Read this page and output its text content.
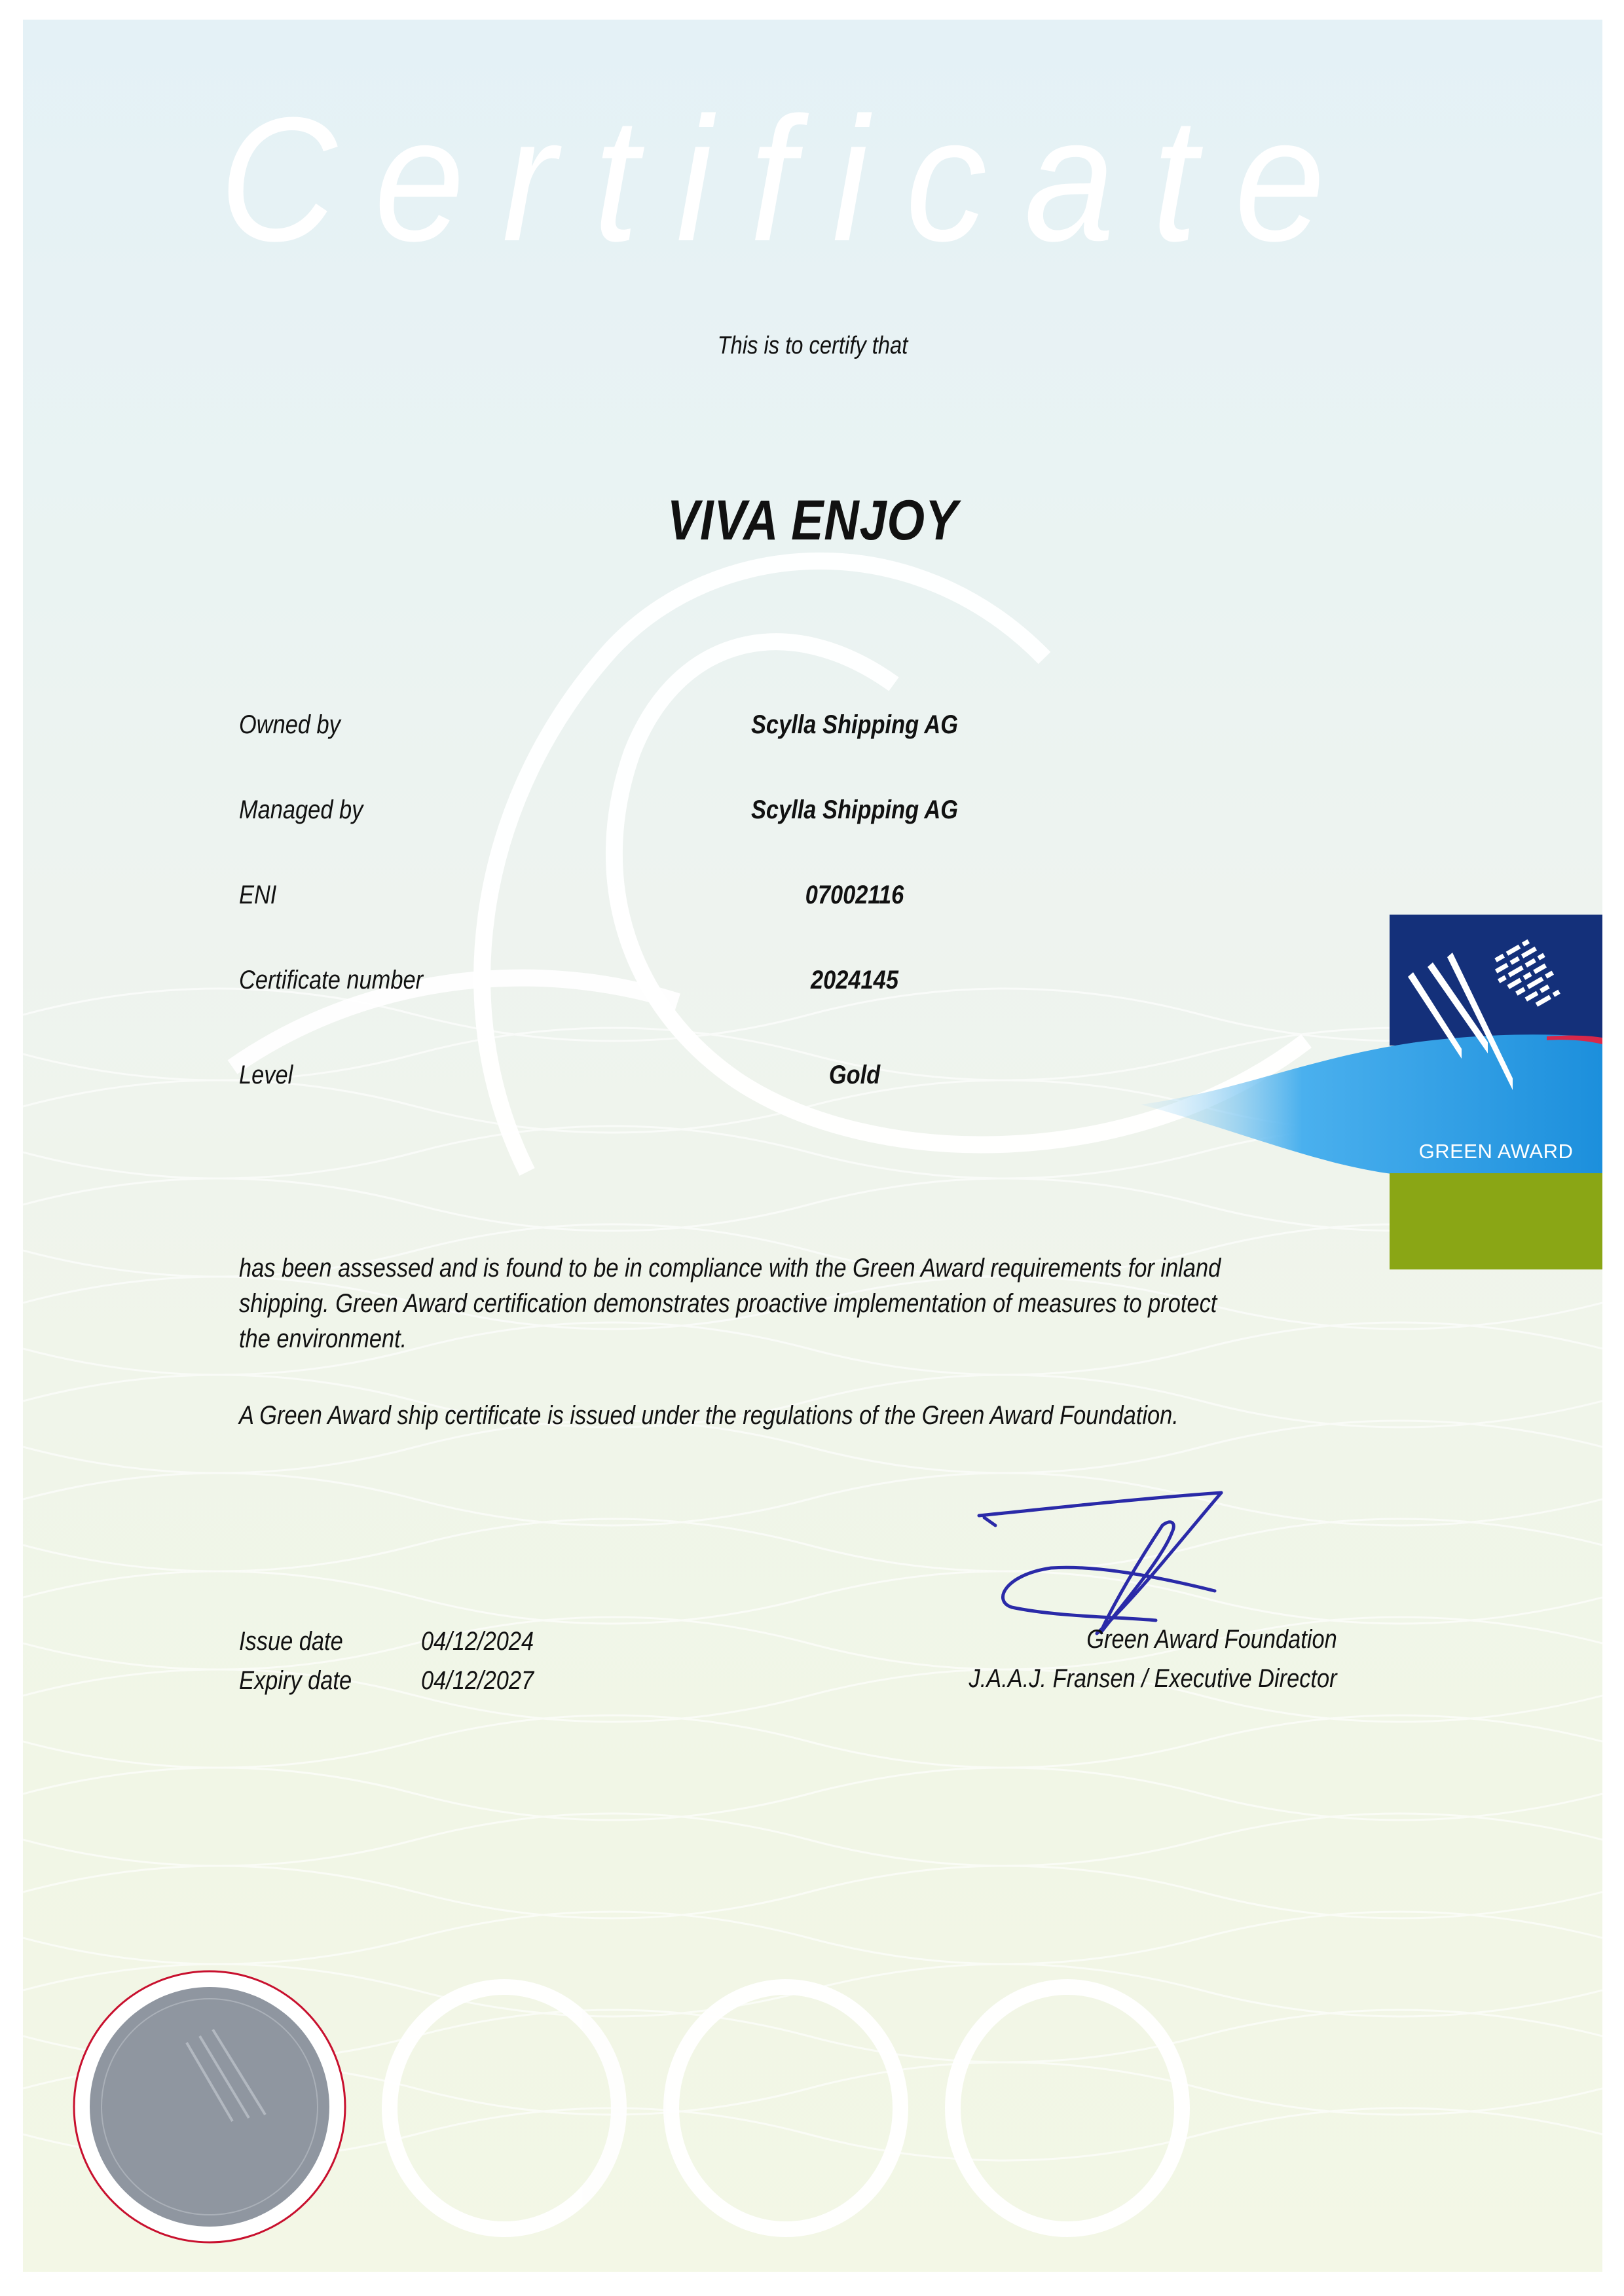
Certificate
This is to certify that
VIVA ENJOY
Owned by	Scylla Shipping AG
Managed by	Scylla Shipping AG
ENI	07002116
Certificate number	2024145
Level	Gold
GREEN AWARD
has been assessed and is found to be in compliance with the Green Award requirements for inland shipping. Green Award certification demonstrates proactive implementation of measures to protect the environment.
A Green Award ship certificate is issued under the regulations of the Green Award Foundation.
Issue date	04/12/2024
Expiry date	04/12/2027
Green Award Foundation
J.A.A.J. Fransen / Executive Director
